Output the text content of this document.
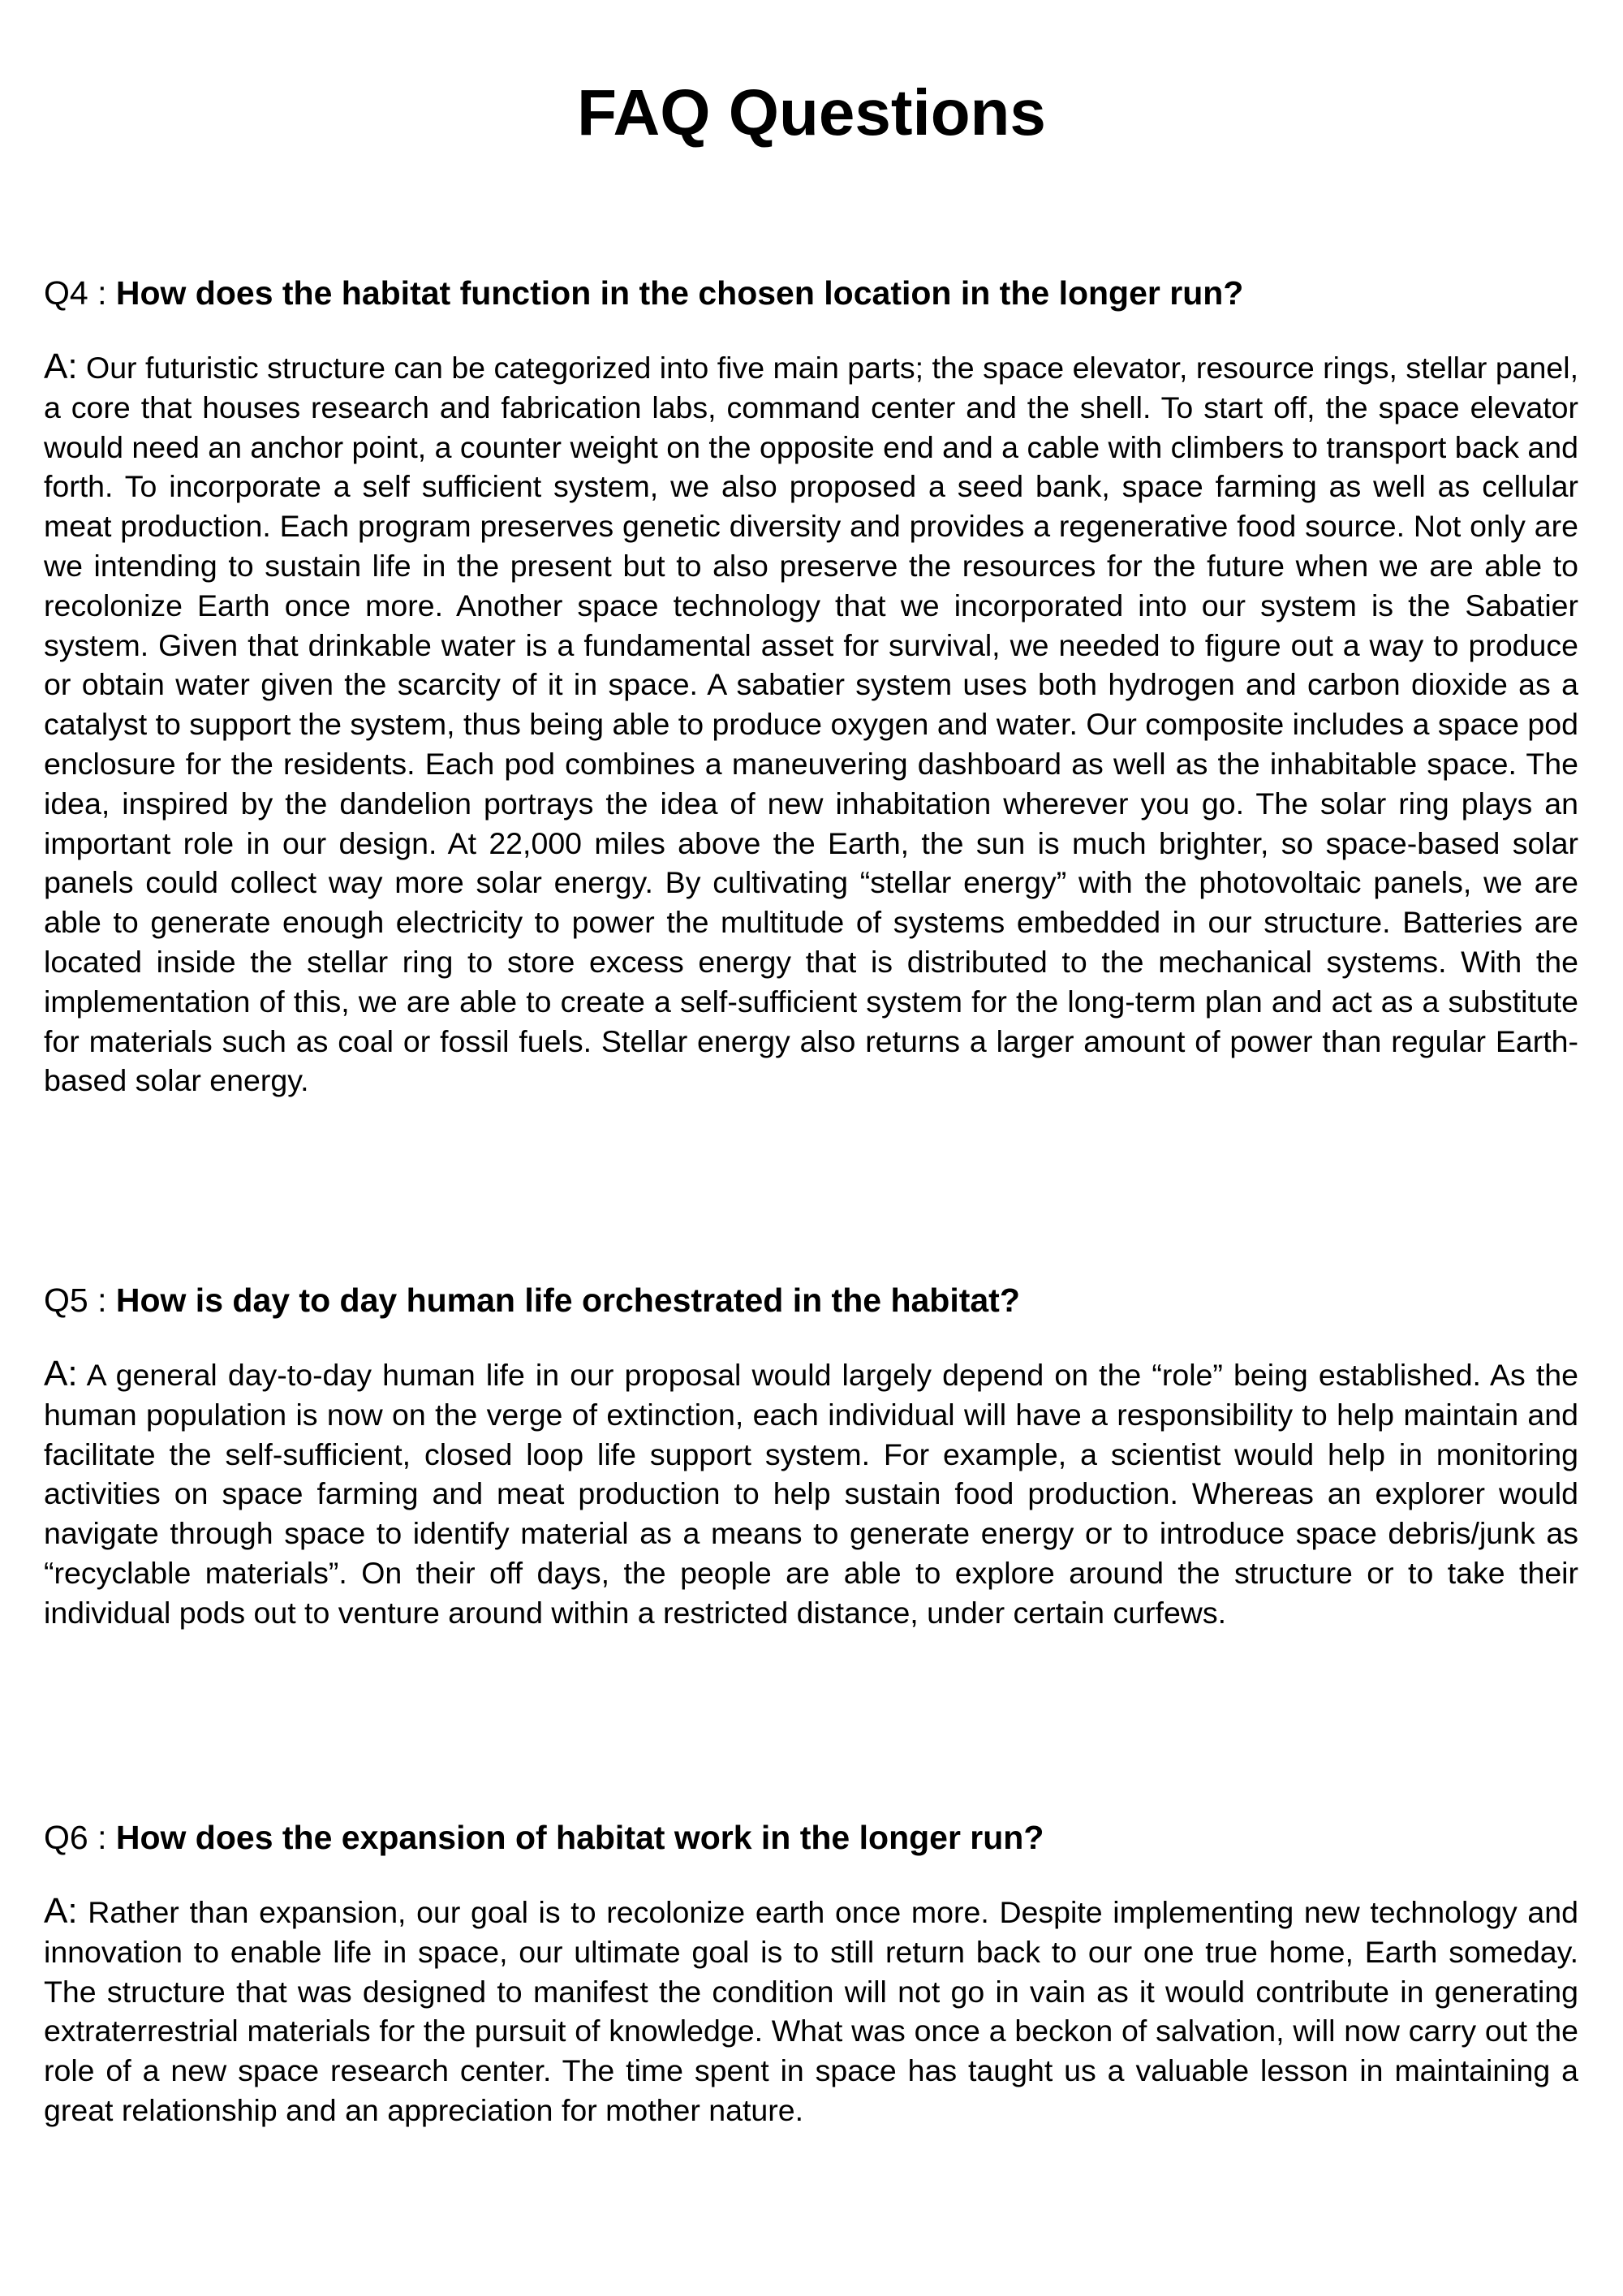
FAQ Questions

Q4 : How does the habitat function in the chosen location in the longer run?

A: Our futuristic structure can be categorized into five main parts; the space elevator, resource rings, stellar panel, a core that houses research and fabrication labs, command center and the shell. To start off, the space elevator would need an anchor point, a counter weight on the opposite end and a cable with climbers to transport back and forth. To incorporate a self sufficient system, we also proposed a seed bank, space farming as well as cellular meat production. Each program preserves genetic diversity and provides a regenerative food source. Not only are we intending to sustain life in the present but to also preserve the resources for the future when we are able to recolonize Earth once more. Another space technology that we incorporated into our system is the Sabatier system. Given that drinkable water is a fundamental asset for survival, we needed to figure out a way to produce or obtain water given the scarcity of it in space. A sabatier system uses both hydrogen and carbon dioxide as a catalyst to support the system, thus being able to produce oxygen and water. Our composite includes a space pod enclosure for the residents. Each pod combines a maneuvering dashboard as well as the inhabitable space. The idea, inspired by the dandelion portrays the idea of new inhabitation wherever you go. The solar ring plays an important role in our design. At 22,000 miles above the Earth, the sun is much brighter, so space-based solar panels could collect way more solar energy. By cultivating “stellar energy” with the photovoltaic panels, we are able to generate enough electricity to power the multitude of systems embedded in our structure. Batteries are located inside the stellar ring to store excess energy that is distributed to the mechanical systems. With the implementation of this, we are able to create a self-sufficient system for the long-term plan and act as a substitute for materials such as coal or fossil fuels. Stellar energy also returns a larger amount of power than regular Earth-based solar energy.

Q5 : How is day to day human life orchestrated in the habitat?

A: A general day-to-day human life in our proposal would largely depend on the “role” being established. As the human population is now on the verge of extinction, each individual will have a responsibility to help maintain and facilitate the self-sufficient, closed loop life support system. For example, a scientist would help in monitoring activities on space farming and meat production to help sustain food production. Whereas an explorer would navigate through space to identify material as a means to generate energy or to introduce space debris/junk as “recyclable materials”. On their off days, the people are able to explore around the structure or to take their individual pods out to venture around within a restricted distance, under certain curfews.

Q6 : How does the expansion of habitat work in the longer run?

A: Rather than expansion, our goal is to recolonize earth once more. Despite implementing new technology and innovation to enable life in space, our ultimate goal is to still return back to our one true home, Earth someday. The structure that was designed to manifest the condition will not go in vain as it would contribute in generating extraterrestrial materials for the pursuit of knowledge. What was once a beckon of salvation, will now carry out the role of a new space research center. The time spent in space has taught us a valuable lesson in maintaining a great relationship and an appreciation for mother nature.
